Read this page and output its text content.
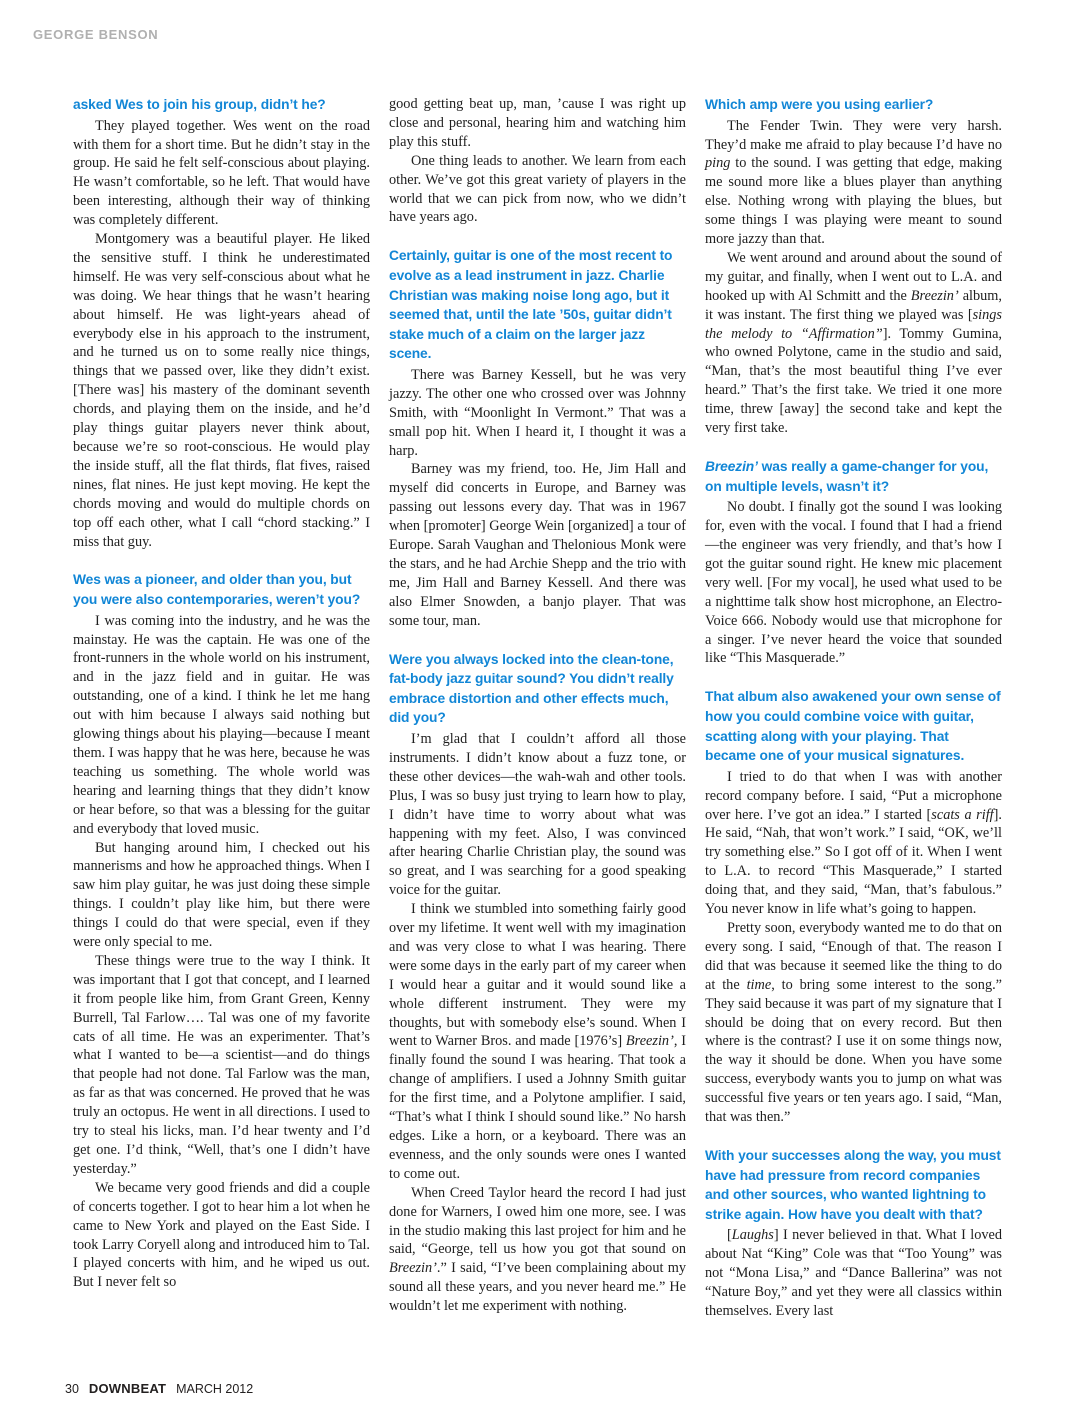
GEORGE BENSON
asked Wes to join his group, didn’t he?

They played together. Wes went on the road with them for a short time. But he didn’t stay in the group. He said he felt self-conscious about playing. He wasn’t comfortable, so he left. That would have been interesting, although their way of thinking was completely different.

Montgomery was a beautiful player. He liked the sensitive stuff. I think he underestimated himself. He was very self-conscious about what he was doing. We hear things that he wasn’t hearing about himself. He was light-years ahead of everybody else in his approach to the instrument, and he turned us on to some really nice things, things that we passed over, like they didn’t exist. [There was] his mastery of the dominant seventh chords, and playing them on the inside, and he’d play things guitar players never think about, because we’re so root-conscious. He would play the inside stuff, all the flat thirds, flat fives, raised nines, flat nines. He just kept moving. He kept the chords moving and would do multiple chords on top off each other, what I call “chord stacking.” I miss that guy.

Wes was a pioneer, and older than you, but you were also contemporaries, weren’t you?

I was coming into the industry, and he was the mainstay. He was the captain. He was one of the front-runners in the whole world on his instrument, and in the jazz field and in guitar. He was outstanding, one of a kind. I think he let me hang out with him because I always said nothing but glowing things about his playing—because I meant them. I was happy that he was here, because he was teaching us something. The whole world was hearing and learning things that they didn’t know or hear before, so that was a blessing for the guitar and everybody that loved music.

But hanging around him, I checked out his mannerisms and how he approached things. When I saw him play guitar, he was just doing these simple things. I couldn’t play like him, but there were things I could do that were special, even if they were only special to me.

These things were true to the way I think. It was important that I got that concept, and I learned it from people like him, from Grant Green, Kenny Burrell, Tal Farlow…. Tal was one of my favorite cats of all time. He was an experimenter. That’s what I wanted to be—a scientist—and do things that people had not done. Tal Farlow was the man, as far as that was concerned. He proved that he was truly an octopus. He went in all directions. I used to try to steal his licks, man. I’d hear twenty and I’d get one. I’d think, “Well, that’s one I didn’t have yesterday.”

We became very good friends and did a couple of concerts together. I got to hear him a lot when he came to New York and played on the East Side. I took Larry Coryell along and introduced him to Tal. I played concerts with him, and he wiped us out. But I never felt so

good getting beat up, man, ’cause I was right up close and personal, hearing him and watching him play this stuff.

One thing leads to another. We learn from each other. We’ve got this great variety of players in the world that we can pick from now, who we didn’t have years ago.

Certainly, guitar is one of the most recent to evolve as a lead instrument in jazz. Charlie Christian was making noise long ago, but it seemed that, until the late ’50s, guitar didn’t stake much of a claim on the larger jazz scene.

There was Barney Kessell, but he was very jazzy. The other one who crossed over was Johnny Smith, with “Moonlight In Vermont.” That was a small pop hit. When I heard it, I thought it was a harp.

Barney was my friend, too. He, Jim Hall and myself did concerts in Europe, and Barney was passing out lessons every day. That was in 1967 when [promoter] George Wein [organized] a tour of Europe. Sarah Vaughan and Thelonious Monk were the stars, and he had Archie Shepp and the trio with me, Jim Hall and Barney Kessell. And there was also Elmer Snowden, a banjo player. That was some tour, man.

Were you always locked into the clean-tone, fat-body jazz guitar sound? You didn’t really embrace distortion and other effects much, did you?

I’m glad that I couldn’t afford all those instruments. I didn’t know about a fuzz tone, or these other devices—the wah-wah and other tools. Plus, I was so busy just trying to learn how to play, I didn’t have time to worry about what was happening with my feet. Also, I was convinced after hearing Charlie Christian play, the sound was so great, and I was searching for a good speaking voice for the guitar.

I think we stumbled into something fairly good over my lifetime. It went well with my imagination and was very close to what I was hearing. There were some days in the early part of my career when I would hear a guitar and it would sound like a whole different instrument. They were my thoughts, but with somebody else’s sound. When I went to Warner Bros. and made [1976’s] Breezin’, I finally found the sound I was hearing. That took a change of amplifiers. I used a Johnny Smith guitar for the first time, and a Polytone amplifier. I said, “That’s what I think I should sound like.” No harsh edges. Like a horn, or a keyboard. There was an evenness, and the only sounds were ones I wanted to come out.

When Creed Taylor heard the record I had just done for Warners, I owed him one more, see. I was in the studio making this last project for him and he said, “George, tell us how you got that sound on Breezin’.” I said, “I’ve been complaining about my sound all these years, and you never heard me.” He wouldn’t let me experiment with nothing.

Which amp were you using earlier?

The Fender Twin. They were very harsh. They’d make me afraid to play because I’d have no ping to the sound. I was getting that edge, making me sound more like a blues player than anything else. Nothing wrong with playing the blues, but some things I was playing were meant to sound more jazzy than that.

We went around and around about the sound of my guitar, and finally, when I went out to L.A. and hooked up with Al Schmitt and the Breezin’ album, it was instant. The first thing we played was [sings the melody to “Affirmation”]. Tommy Gumina, who owned Polytone, came in the studio and said, “Man, that’s the most beautiful thing I’ve ever heard.” That’s the first take. We tried it one more time, threw [away] the second take and kept the very first take.

Breezin’ was really a game-changer for you, on multiple levels, wasn’t it?

No doubt. I finally got the sound I was looking for, even with the vocal. I found that I had a friend—the engineer was very friendly, and that’s how I got the guitar sound right. He knew mic placement very well. [For my vocal], he used what used to be a nighttime talk show host microphone, an Electro-Voice 666. Nobody would use that microphone for a singer. I’ve never heard the voice that sounded like “This Masquerade.”

That album also awakened your own sense of how you could combine voice with guitar, scatting along with your playing. That became one of your musical signatures.

I tried to do that when I was with another record company before. I said, “Put a microphone over here. I’ve got an idea.” I started [scats a riff]. He said, “Nah, that won’t work.” I said, “OK, we’ll try something else.” So I got off of it. When I went to L.A. to record “This Masquerade,” I started doing that, and they said, “Man, that’s fabulous.” You never know in life what’s going to happen.

Pretty soon, everybody wanted me to do that on every song. I said, “Enough of that. The reason I did that was because it seemed like the thing to do at the time, to bring some interest to the song.” They said because it was part of my signature that I should be doing that on every record. But then where is the contrast? I use it on some things now, the way it should be done. When you have some success, everybody wants you to jump on what was successful five years or ten years ago. I said, “Man, that was then.”

With your successes along the way, you must have had pressure from record companies and other sources, who wanted lightning to strike again. How have you dealt with that?

[Laughs] I never believed in that. What I loved about Nat “King” Cole was that “Too Young” was not “Mona Lisa,” and “Dance Ballerina” was not “Nature Boy,” and yet they were all classics within themselves. Every last

30 DOWNBEAT MARCH 2012
